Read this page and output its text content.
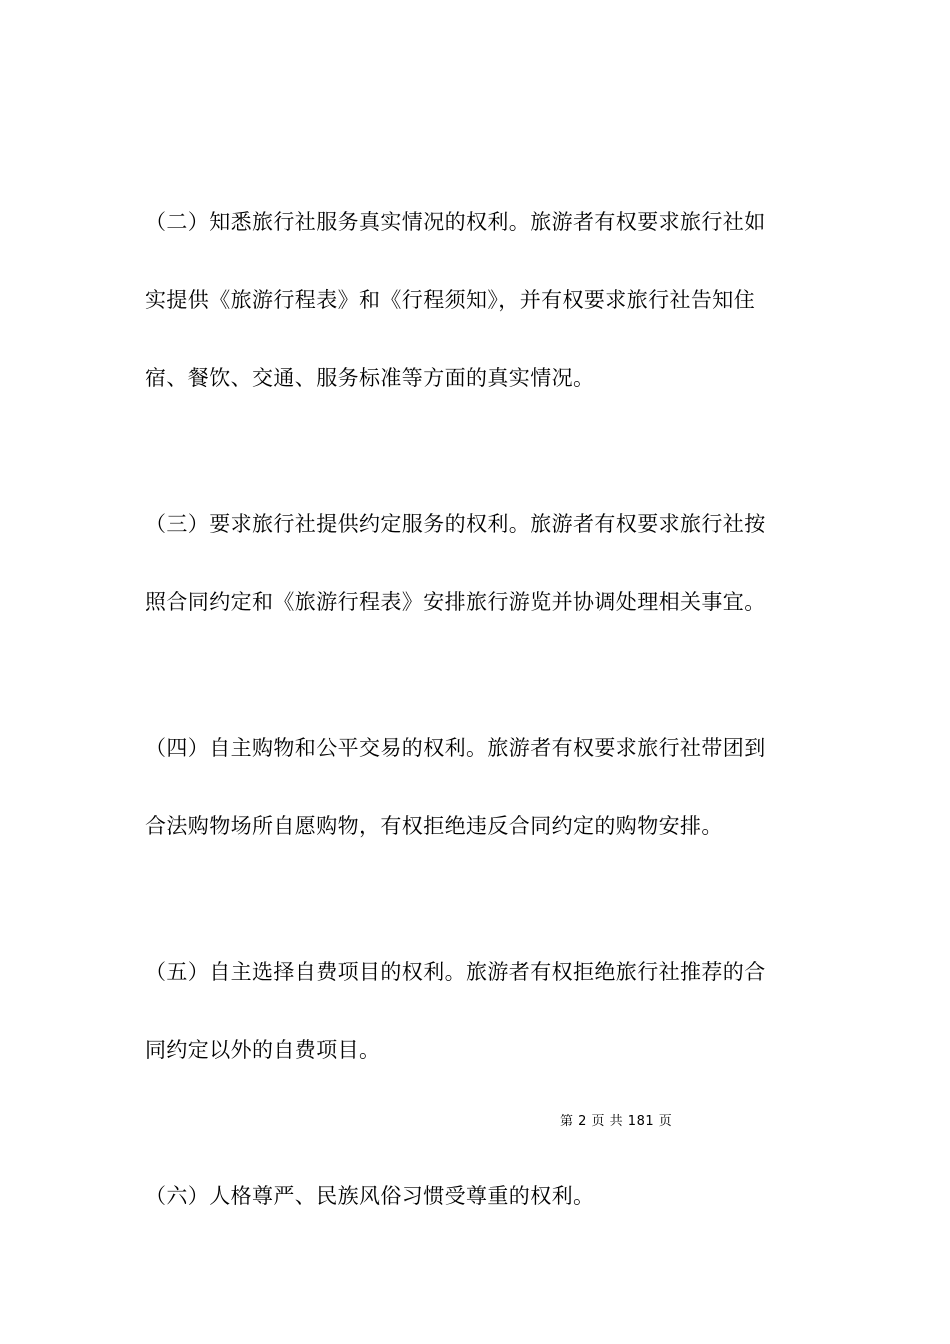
（二）知悉旅行社服务真实情况的权利。旅游者有权要求旅行社如
实提供《旅游行程表》和《行程须知》，并有权要求旅行社告知住
宿、餐饮、交通、服务标准等方面的真实情况。
（三）要求旅行社提供约定服务的权利。旅游者有权要求旅行社按
照合同约定和《旅游行程表》安排旅行游览并协调处理相关事宜。
（四）自主购物和公平交易的权利。旅游者有权要求旅行社带团到
合法购物场所自愿购物，有权拒绝违反合同约定的购物安排。
（五）自主选择自费项目的权利。旅游者有权拒绝旅行社推荐的合
同约定以外的自费项目。
第 2 页 共 181 页
（六）人格尊严、民族风俗习惯受尊重的权利。
